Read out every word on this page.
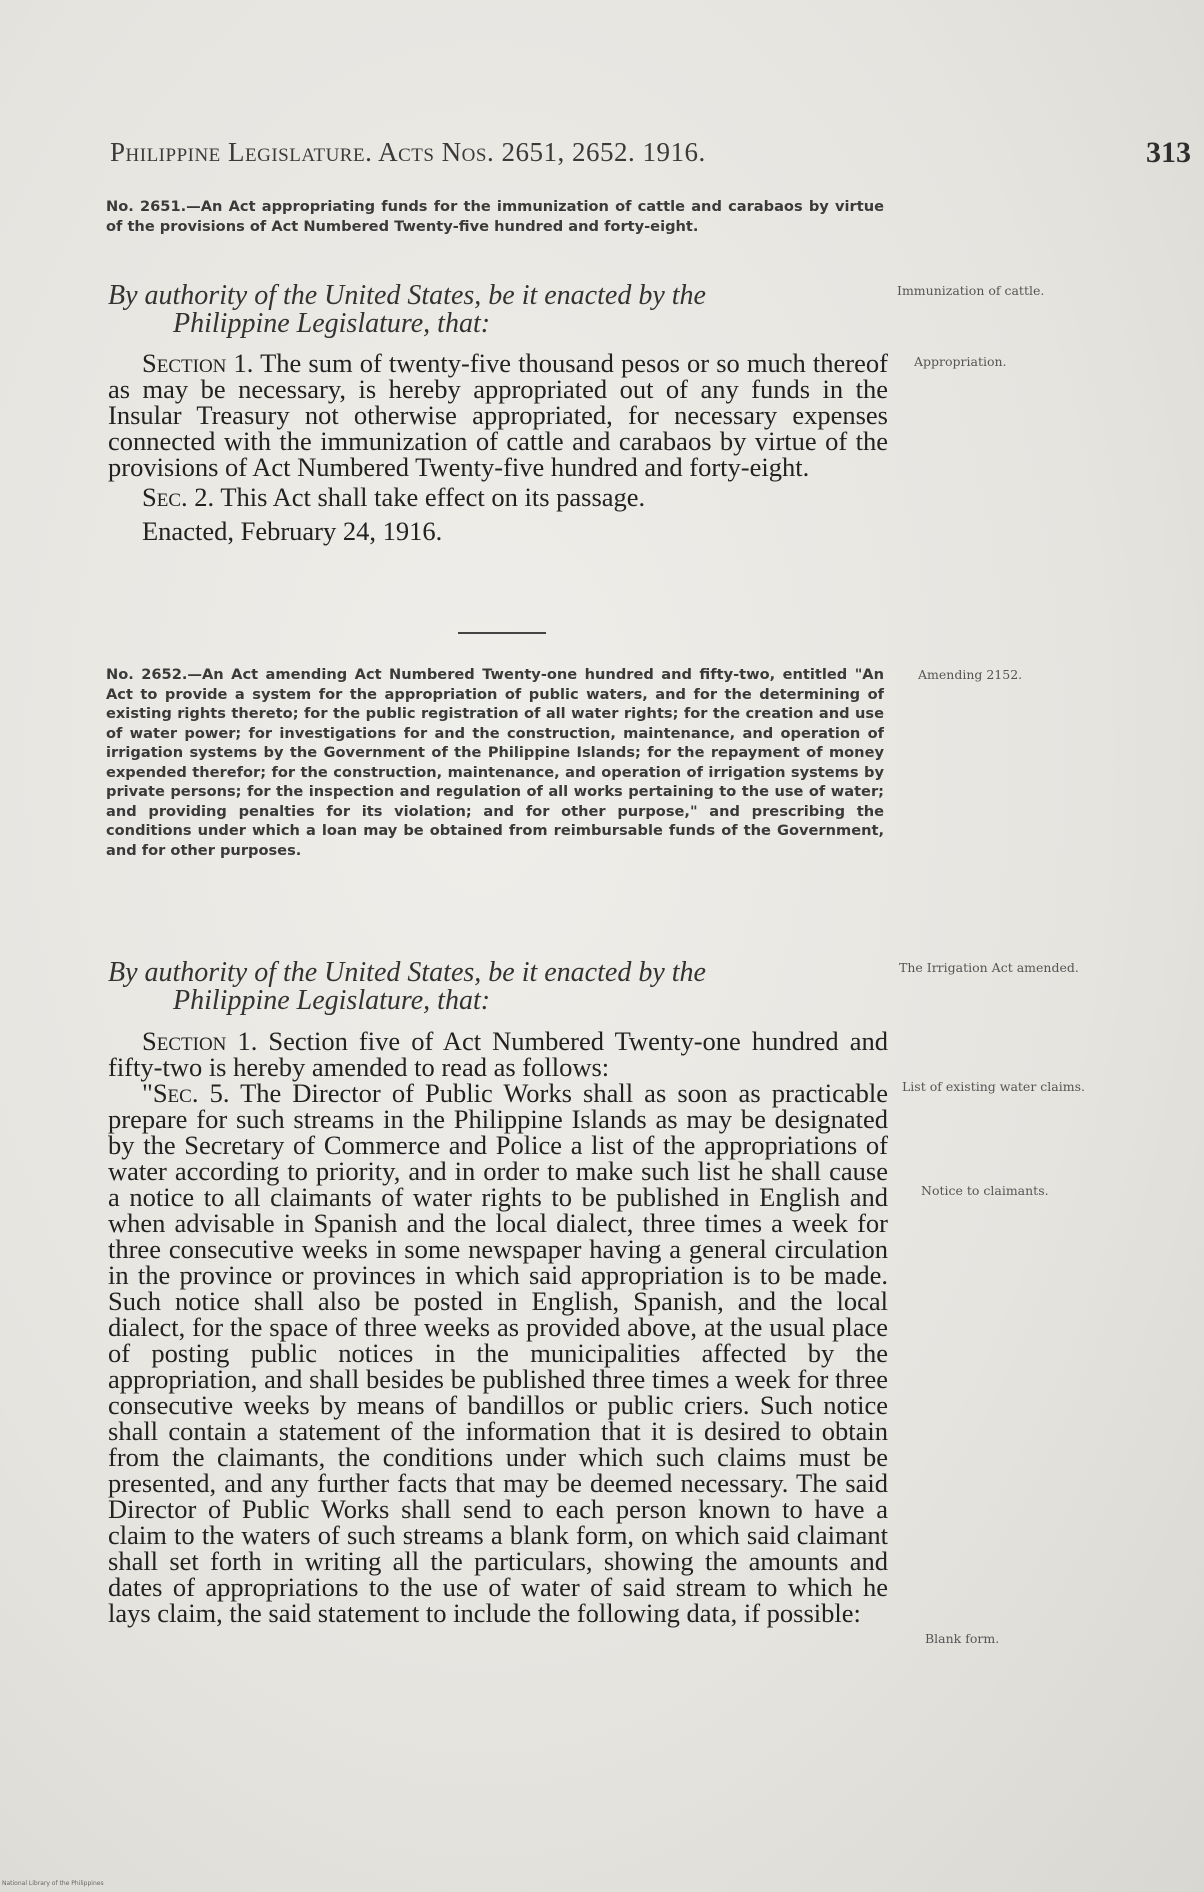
Philippine Legislature. Acts Nos. 2651, 2652. 1916.	313
No. 2651.—An Act appropriating funds for the immunization of cattle and carabaos by virtue of the provisions of Act Numbered Twenty-five hundred and forty-eight.
By authority of the United States, be it enacted by the
Philippine Legislature, that:
Immunization of cattle.

Section 1. The sum of twenty-five thousand pesos or so much thereof as may be necessary, is hereby appropriated out of any funds in the Insular Treasury not otherwise appropriated, for necessary expenses connected with the immunization of cattle and carabaos by virtue of the provisions of Act Numbered Twenty-five hundred and forty-eight.

Sec. 2. This Act shall take effect on its passage.

Enacted, February 24, 1916.

Appropriation.
No. 2652.—An Act amending Act Numbered Twenty-one hundred and fifty-two, entitled "An Act to provide a system for the appropriation of public waters, and for the determining of existing rights thereto; for the public registration of all water rights; for the creation and use of water power; for investigations for and the construction, maintenance, and operation of irrigation systems by the Government of the Philippine Islands; for the repayment of money expended therefor; for the construction, maintenance, and operation of irrigation systems by private persons; for the inspection and regulation of all works pertaining to the use of water; and providing penalties for its violation; and for other purpose," and prescribing the conditions under which a loan may be obtained from reimbursable funds of the Government, and for other purposes.
Amending 2152.
By authority of the United States, be it enacted by the
Philippine Legislature, that:
The Irrigation Act amended.

Section 1. Section five of Act Numbered Twenty-one hundred and fifty-two is hereby amended to read as follows:

"Sec. 5. The Director of Public Works shall as soon as practicable prepare for such streams in the Philippine Islands as may be designated by the Secretary of Commerce and Police a list of the appropriations of water according to priority, and in order to make such list he shall cause a notice to all claimants of water rights to be published in English and when advisable in Spanish and the local dialect, three times a week for three consecutive weeks in some newspaper having a general circulation in the province or provinces in which said appropriation is to be made. Such notice shall also be posted in English, Spanish, and the local dialect, for the space of three weeks as provided above, at the usual place of posting public notices in the municipalities affected by the appropriation, and shall besides be published three times a week for three consecutive weeks by means of bandillos or public criers. Such notice shall contain a statement of the information that it is desired to obtain from the claimants, the conditions under which such claims must be presented, and any further facts that may be deemed necessary. The said Director of Public Works shall send to each person known to have a claim to the waters of such streams a blank form, on which said claimant shall set forth in writing all the particulars, showing the amounts and dates of appropriations to the use of water of said stream to which he lays claim, the said statement to include the following data, if possible:

List of existing water claims.
Notice to claimants.
Blank form.
National Library of the Philippines
